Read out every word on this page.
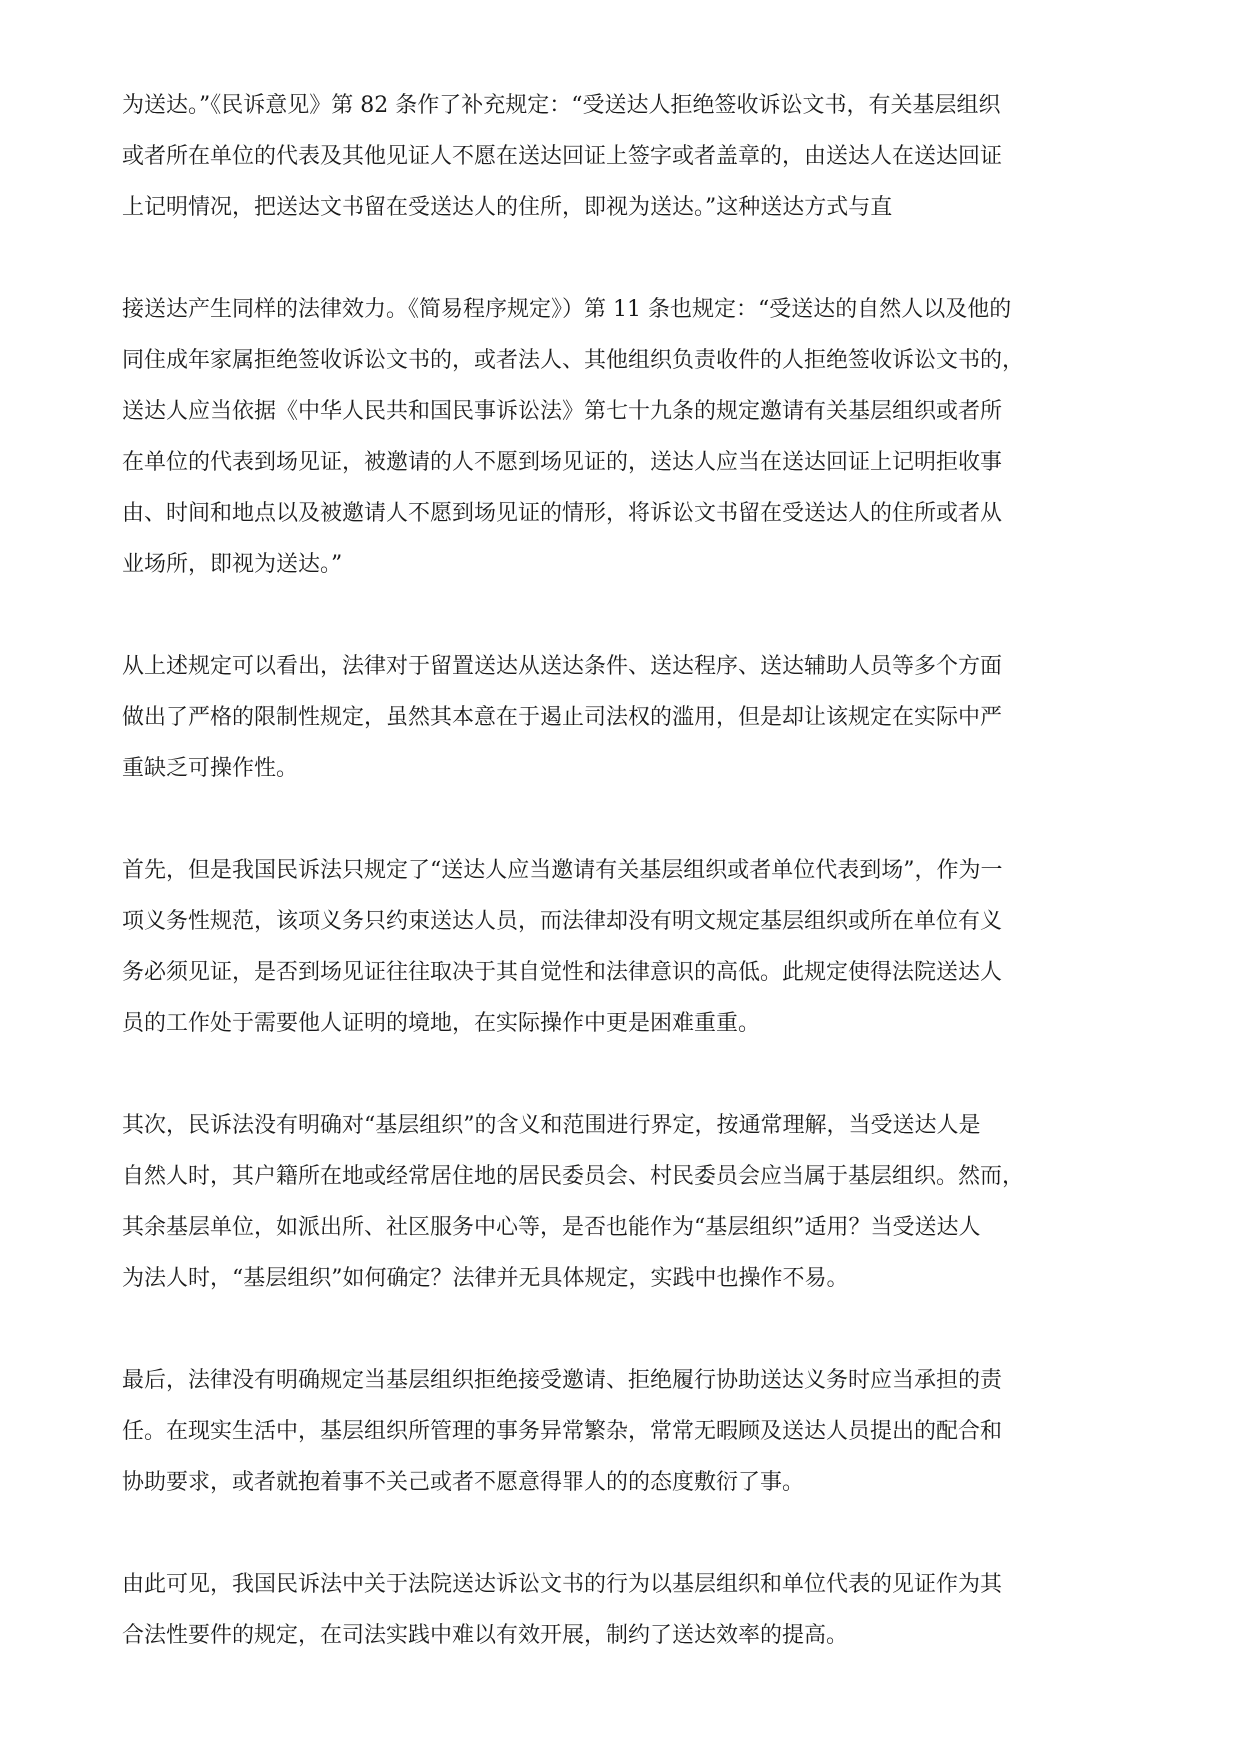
为送达。”《民诉意见》第 82 条作了补充规定：“受送达人拒绝签收诉讼文书，有关基层组织
或者所在单位的代表及其他见证人不愿在送达回证上签字或者盖章的，由送达人在送达回证
上记明情况，把送达文书留在受送达人的住所，即视为送达。”这种送达方式与直

接送达产生同样的法律效力。《简易程序规定》）第 11 条也规定：“受送达的自然人以及他的
同住成年家属拒绝签收诉讼文书的，或者法人、其他组织负责收件的人拒绝签收诉讼文书的，
送达人应当依据《中华人民共和国民事诉讼法》第七十九条的规定邀请有关基层组织或者所
在单位的代表到场见证，被邀请的人不愿到场见证的，送达人应当在送达回证上记明拒收事
由、时间和地点以及被邀请人不愿到场见证的情形，将诉讼文书留在受送达人的住所或者从
业场所，即视为送达。”

从上述规定可以看出，法律对于留置送达从送达条件、送达程序、送达辅助人员等多个方面
做出了严格的限制性规定，虽然其本意在于遏止司法权的滥用，但是却让该规定在实际中严
重缺乏可操作性。

首先，但是我国民诉法只规定了“送达人应当邀请有关基层组织或者单位代表到场”，作为一
项义务性规范，该项义务只约束送达人员，而法律却没有明文规定基层组织或所在单位有义
务必须见证，是否到场见证往往取决于其自觉性和法律意识的高低。此规定使得法院送达人
员的工作处于需要他人证明的境地，在实际操作中更是困难重重。

其次，民诉法没有明确对“基层组织”的含义和范围进行界定，按通常理解，当受送达人是
自然人时，其户籍所在地或经常居住地的居民委员会、村民委员会应当属于基层组织。然而，
其余基层单位，如派出所、社区服务中心等，是否也能作为“基层组织”适用？当受送达人
为法人时，“基层组织”如何确定？法律并无具体规定，实践中也操作不易。

最后，法律没有明确规定当基层组织拒绝接受邀请、拒绝履行协助送达义务时应当承担的责
任。在现实生活中，基层组织所管理的事务异常繁杂，常常无暇顾及送达人员提出的配合和
协助要求，或者就抱着事不关己或者不愿意得罪人的的态度敷衍了事。

由此可见，我国民诉法中关于法院送达诉讼文书的行为以基层组织和单位代表的见证作为其
合法性要件的规定，在司法实践中难以有效开展，制约了送达效率的提高。
